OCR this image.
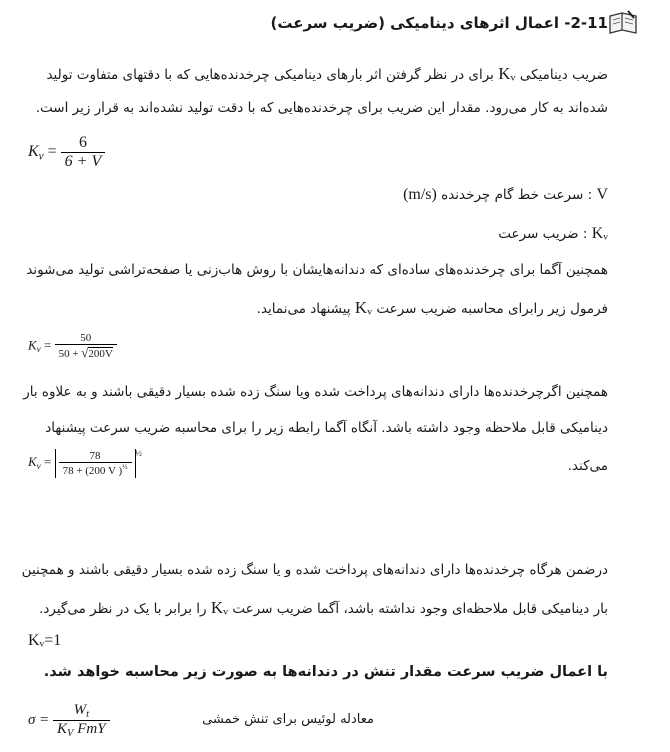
2-11- اعمال اثرهای دینامیکی (ضریب سرعت)
ضریب دینامیکی Kᵥ برای در نظر گرفتن اثر بارهای دینامیکی چرخدنده‌هایی که با دقتهای متفاوت تولید
شده‌اند به کار می‌رود. مقدار این ضریب برای چرخدنده‌هایی که با دقت تولید نشده‌اند به قرار زیر است.
$K_v = \frac{6}{6 + V}$
V : سرعت خط گام چرخدنده (m/s)
Kᵥ : ضریب سرعت
همچنین آگما برای چرخدنده‌های ساده‌ای که دندانه‌هایشان با روش هاب‌زنی یا صفحه‌تراشی تولید می‌شوند
فرمول زیر رابرای محاسبه ضریب سرعت Kᵥ پیشنهاد می‌نماید.
$K_v = \frac{50}{50 + √200V}$
همچنین اگرچرخدنده‌ها دارای دندانه‌های پرداخت شده ویا سنگ زده شده بسیار دقیقی باشند و به علاوه بار
دینامیکی قابل ملاحظه وجود داشته باشد. آنگاه آگما رابطه زیر را برای محاسبه ضریب سرعت پیشنهاد
می‌کند.
$K_v = \frac{78}{78 + (200 V )^{\frac{1}{2}}} ^{\frac{1}{2}}$
درضمن هرگاه چرخدنده‌ها دارای دندانه‌های پرداخت شده و یا سنگ زده شده بسیار دقیقی باشند و همچنین
بار دینامیکی قابل ملاحظه‌ای وجود نداشته باشد، آگما ضریب سرعت Kᵥ را برابر با یک در نظر می‌گیرد.
Kᵥ=1
با اعمال ضریب سرعت مقدار تنش در دندانه‌ها به صورت زیر محاسبه خواهد شد.
$\sigma = \frac{W_t}{K_V FmY}$	معادله لوئیس برای تنش خمشی
